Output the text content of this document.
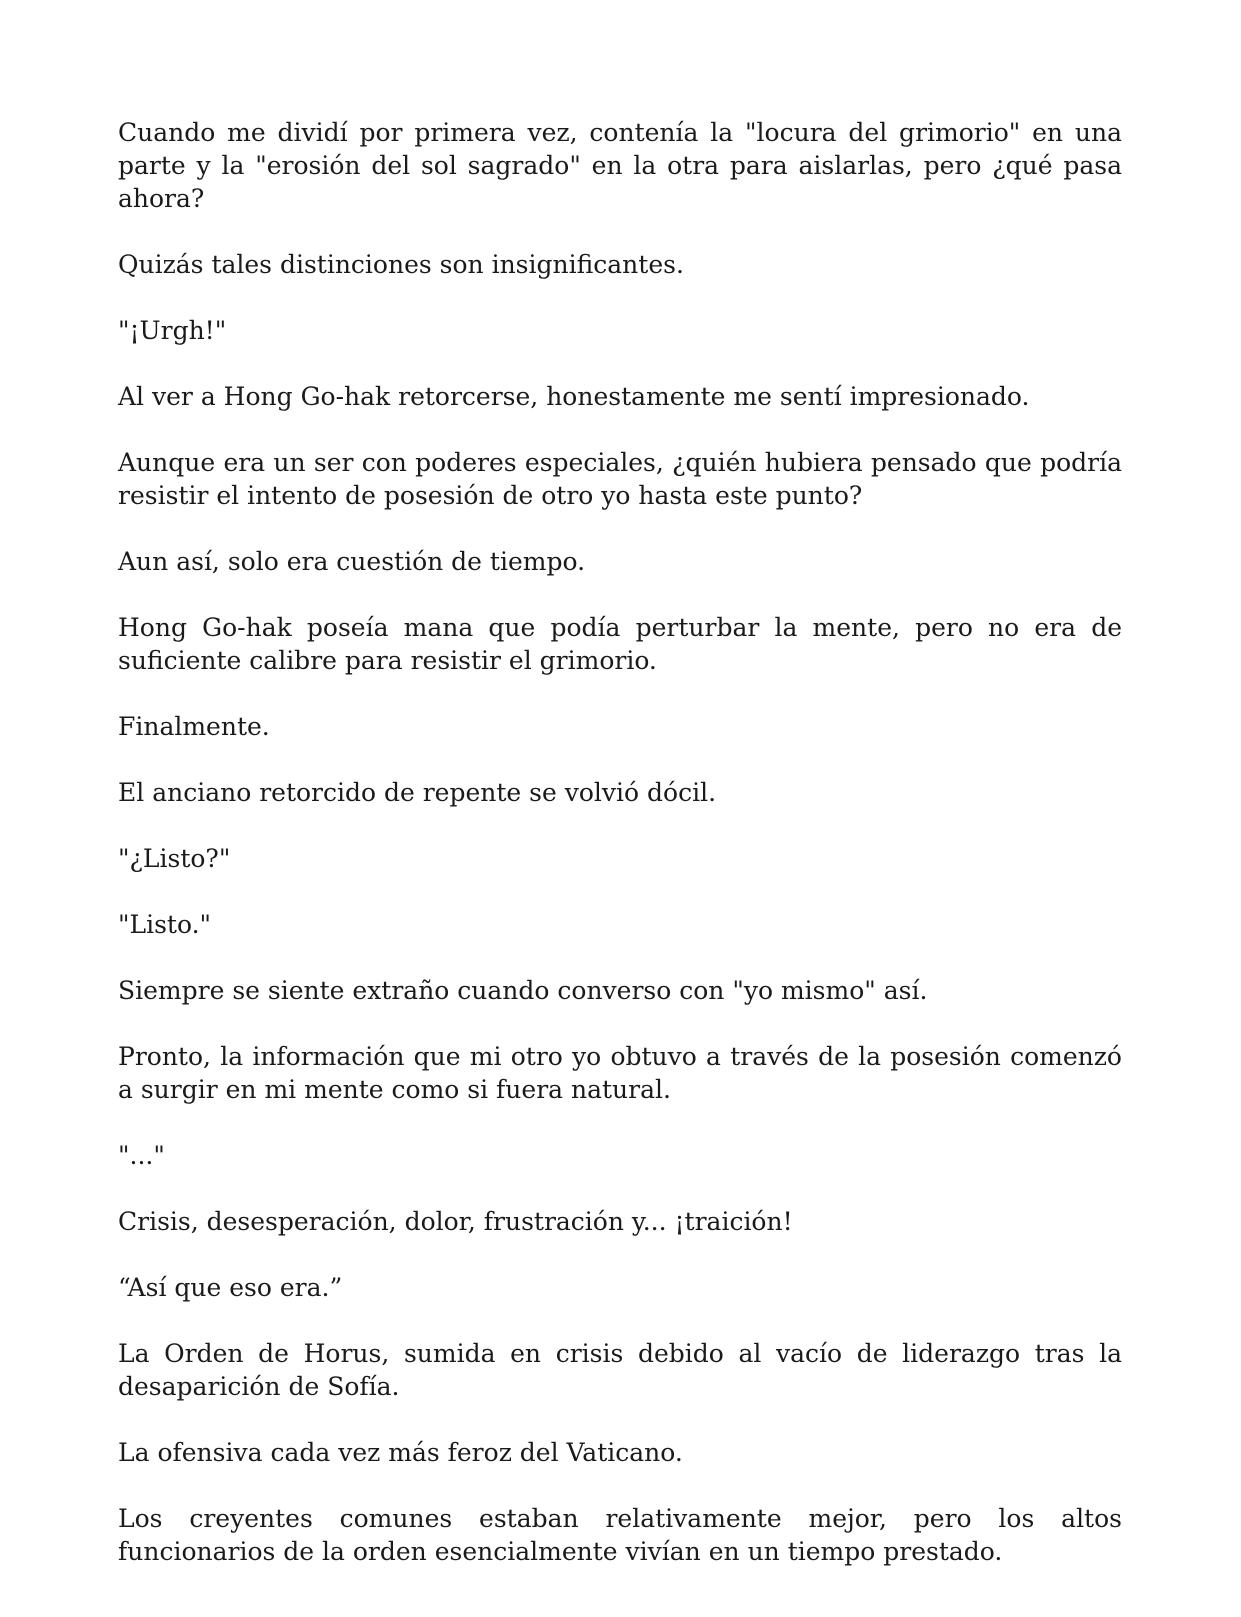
Cuando me dividí por primera vez, contenía la "locura del grimorio" en una parte y la "erosión del sol sagrado" en la otra para aislarlas, pero ¿qué pasa ahora?

Quizás tales distinciones son insignificantes.

"¡Urgh!"

Al ver a Hong Go-hak retorcerse, honestamente me sentí impresionado.

Aunque era un ser con poderes especiales, ¿quién hubiera pensado que podría resistir el intento de posesión de otro yo hasta este punto?

Aun así, solo era cuestión de tiempo.

Hong Go-hak poseía mana que podía perturbar la mente, pero no era de suficiente calibre para resistir el grimorio.

Finalmente.

El anciano retorcido de repente se volvió dócil.

"¿Listo?"

"Listo."

Siempre se siente extraño cuando converso con "yo mismo" así.

Pronto, la información que mi otro yo obtuvo a través de la posesión comenzó a surgir en mi mente como si fuera natural.

"..."

Crisis, desesperación, dolor, frustración y... ¡traición!

“Así que eso era.”

La Orden de Horus, sumida en crisis debido al vacío de liderazgo tras la desaparición de Sofía.

La ofensiva cada vez más feroz del Vaticano.

Los creyentes comunes estaban relativamente mejor, pero los altos funcionarios de la orden esencialmente vivían en un tiempo prestado.
